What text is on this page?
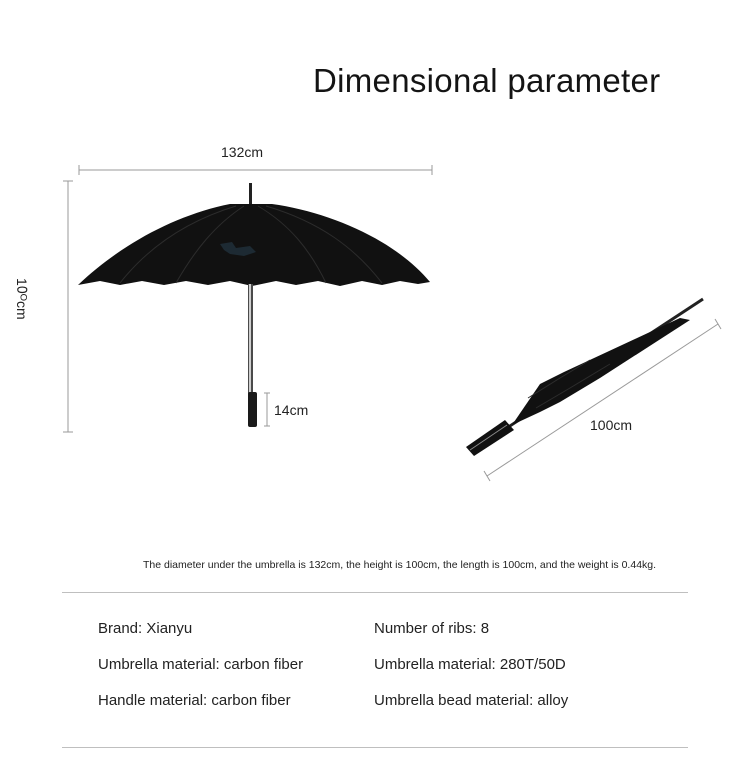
Dimensional parameter
132cm
1᠐ᴼcm
14cm
100cm
The diameter under the umbrella is 132cm, the height is 100cm, the length is 100cm, and the weight is 0.44kg.
Brand: Xianyu
Umbrella material: carbon fiber
Handle material: carbon fiber
Number of ribs: 8
Umbrella material: 280T/50D
Umbrella bead material: alloy
